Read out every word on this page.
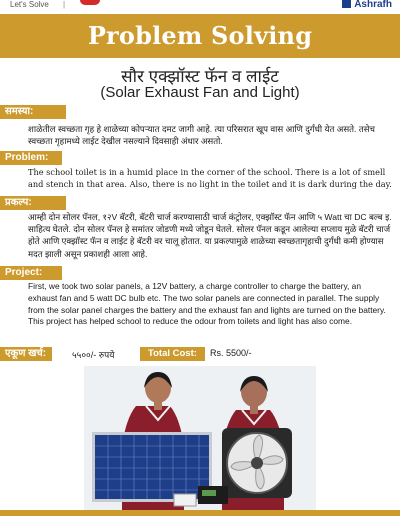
Let's Solve |	Ashrafh
Problem Solving
सौर एक्झॉस्ट फॅन व लाईट
(Solar Exhaust Fan and Light)
समस्या:
शाळेतील स्वच्छता गृह हे शाळेच्या कोपऱ्यात दमट जागी आहे. त्या परिसरात खूप वास आणि दुर्गंधी येत असते. तसेच स्वच्छता गृहामध्ये लाईट देखील नसल्याने दिवसाही अंधार असतो.
Problem:
The school toilet is in a humid place in the corner of the school. There is a lot of smell and stench in that area. Also, there is no light in the toilet and it is dark during the day.
प्रकल्प:
आम्ही दोन सोलर पॅनल, १२V बॅटरी, बॅटरी चार्ज करण्यासाठी चार्ज कंट्रोलर, एक्झॉस्ट फॅन आणि ५ Watt चा DC बल्ब इ. साहित्य घेतले. दोन सोलर पॅनल हे समांतर जोडणी मध्ये जोडून घेतले. सोलर पॅनल कडून आलेल्या सप्लाय मुळे बॅटरी चार्ज होते आणि एक्झॉस्ट फॅन व लाईट हे बॅटरी वर चालू होतात. या प्रकल्पामुळे शाळेच्या स्वच्छतागृहाची दुर्गंधी कमी होण्यास मदत झाली असून प्रकाशही आला आहे.
Project:
First, we took two solar panels, a 12V battery, a charge controller to charge the battery, an exhaust fan and 5 watt DC bulb etc. The two solar panels are connected in parallel. The supply from the solar panel charges the battery and the exhaust fan and lights are turned on the battery. This project has helped school to reduce the odour from toilets and light has also come.
एकूण खर्च:	५५००/- रुपये	Total Cost:	Rs. 5500/-
